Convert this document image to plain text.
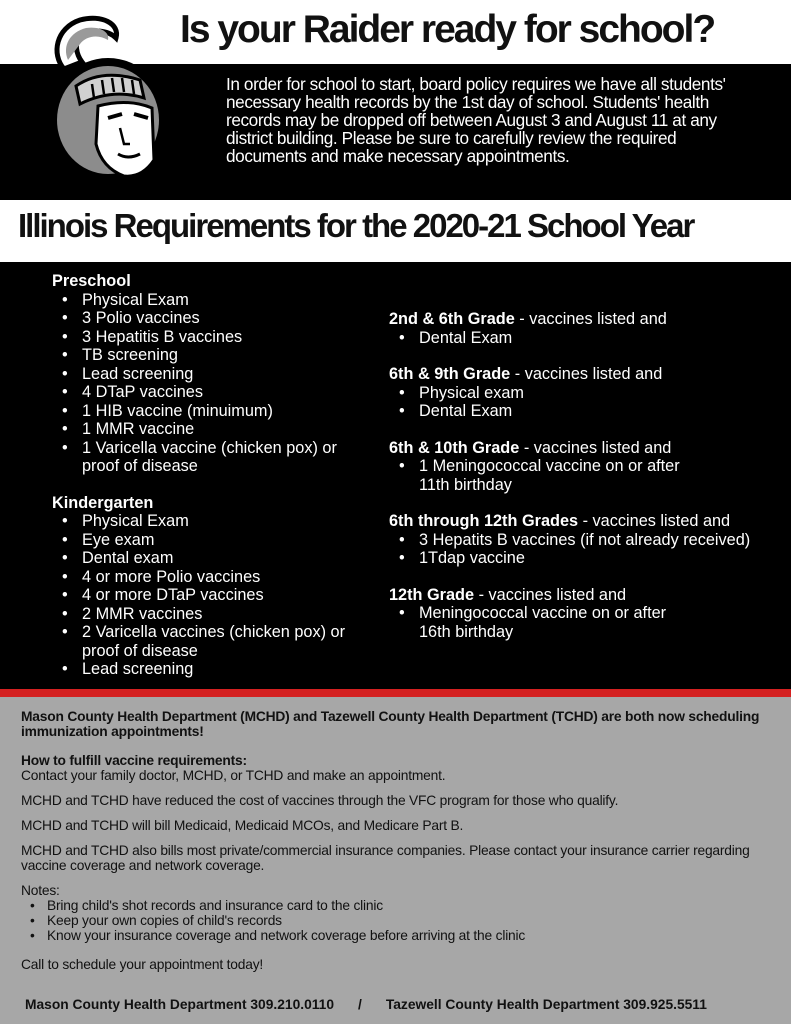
Is your Raider ready for school?
In order for school to start, board policy requires we have all students' necessary health records by the 1st day of school. Students' health records may be dropped off between August 3 and August 11 at any district building. Please be sure to carefully review the required documents and make necessary appointments.
Illinois Requirements for the 2020-21 School Year
Preschool
• Physical Exam
• 3 Polio vaccines
• 3 Hepatitis B vaccines
• TB screening
• Lead screening
• 4 DTaP vaccines
• 1 HIB vaccine (minuimum)
• 1 MMR vaccine
• 1 Varicella vaccine (chicken pox) or proof of disease
Kindergarten
• Physical Exam
• Eye exam
• Dental exam
• 4 or more Polio vaccines
• 4 or more DTaP vaccines
• 2 MMR vaccines
• 2 Varicella vaccines (chicken pox) or proof of disease
• Lead screening
2nd & 6th Grade - vaccines listed and
• Dental Exam
6th & 9th Grade - vaccines listed and
• Physical exam
• Dental Exam
6th & 10th Grade - vaccines listed and
• 1 Meningococcal vaccine on or after 11th birthday
6th through 12th Grades - vaccines listed and
• 3 Hepatits B vaccines (if not already received)
• 1Tdap vaccine
12th Grade - vaccines listed and
• Meningococcal vaccine on or after 16th birthday

Mason County Health Department (MCHD) and Tazewell County Health Department (TCHD) are both now scheduling immunization appointments!

How to fulfill vaccine requirements:

Contact your family doctor, MCHD, or TCHD and make an appointment.

MCHD and TCHD have reduced the cost of vaccines through the VFC program for those who qualify.

MCHD and TCHD will bill Medicaid, Medicaid MCOs, and Medicare Part B.

MCHD and TCHD also bills most private/commercial insurance companies. Please contact your insurance carrier regarding vaccine coverage and network coverage.

Notes:

• Bring child's shot records and insurance card to the clinic
• Keep your own copies of child's records
• Know your insurance coverage and network coverage before arriving at the clinic

Call to schedule your appointment today!

Mason County Health Department 309.210.0110 / Tazewell County Health Department 309.925.5511
